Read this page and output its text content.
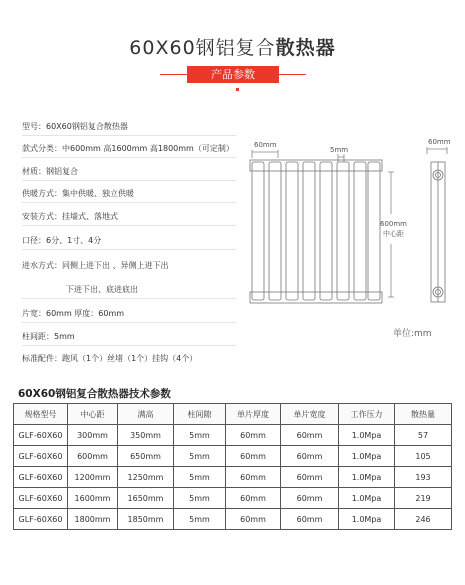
60X60钢铝复合散热器
产品参数
型号：60X60钢铝复合散热器
款式分类：中600mm 高1600mm 高1800mm（可定制）
材质：钢铝复合
供暖方式：集中供暖、独立供暖
安装方式：挂墙式、落地式
口径：6分、1寸、4分
进水方式：同侧上进下出 、异侧上进下出
下进下出、底进底出
片宽：60mm 厚度：60mm
柱间距：5mm
标准配件：跑风（1个）丝堵（1个）挂钩（4个）
60mm
5mm
60mm
600mm
中心距
单位:mm
60X60钢铝复合散热器技术参数
规格型号	中心距	满高	柱间隙	单片厚度	单片宽度	工作压力	散热量
GLF-60X60	300mm	350mm	5mm	60mm	60mm	1.0Mpa	57
GLF-60X60	600mm	650mm	5mm	60mm	60mm	1.0Mpa	105
GLF-60X60	1200mm	1250mm	5mm	60mm	60mm	1.0Mpa	193
GLF-60X60	1600mm	1650mm	5mm	60mm	60mm	1.0Mpa	219
GLF-60X60	1800mm	1850mm	5mm	60mm	60mm	1.0Mpa	246
